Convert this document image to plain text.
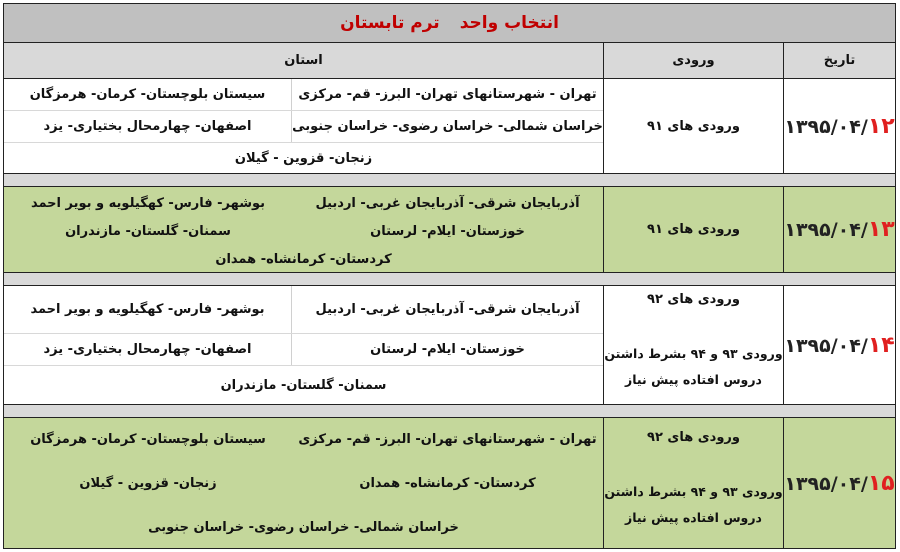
انتخاب واحد
ترم تابستان
تاریخ
ورودی
استان
۱۳۹۵/۰۴/۱۲
ورودی های ۹۱
تهران - شهرستانهای تهران- البرز- قم- مرکزی
سیستان بلوچستان- کرمان- هرمزگان
خراسان شمالی- خراسان رضوی- خراسان جنوبی
اصفهان- چهارمحال بختیاری- یزد
زنجان- قزوین - گیلان
۱۳۹۵/۰۴/۱۳
ورودی های ۹۱
آذربایجان شرقی- آذربایجان غربی- اردبیل
بوشهر- فارس- کهگیلویه و بویر احمد
خوزستان- ایلام- لرستان
سمنان- گلستان- مازندران
کردستان- کرمانشاه- همدان
۱۳۹۵/۰۴/۱۴
ورودی های ۹۲
ورودی ۹۳ و ۹۴ بشرط داشتن
دروس افتاده پیش نیاز
آذربایجان شرقی- آذربایجان غربی- اردبیل
بوشهر- فارس- کهگیلویه و بویر احمد
خوزستان- ایلام- لرستان
اصفهان- چهارمحال بختیاری- یزد
سمنان- گلستان- مازندران
۱۳۹۵/۰۴/۱۵
ورودی های ۹۲
ورودی ۹۳ و ۹۴ بشرط داشتن
دروس افتاده پیش نیاز
تهران - شهرستانهای تهران- البرز- قم- مرکزی
سیستان بلوچستان- کرمان- هرمزگان
کردستان- کرمانشاه- همدان
زنجان- قزوین - گیلان
خراسان شمالی- خراسان رضوی- خراسان جنوبی
